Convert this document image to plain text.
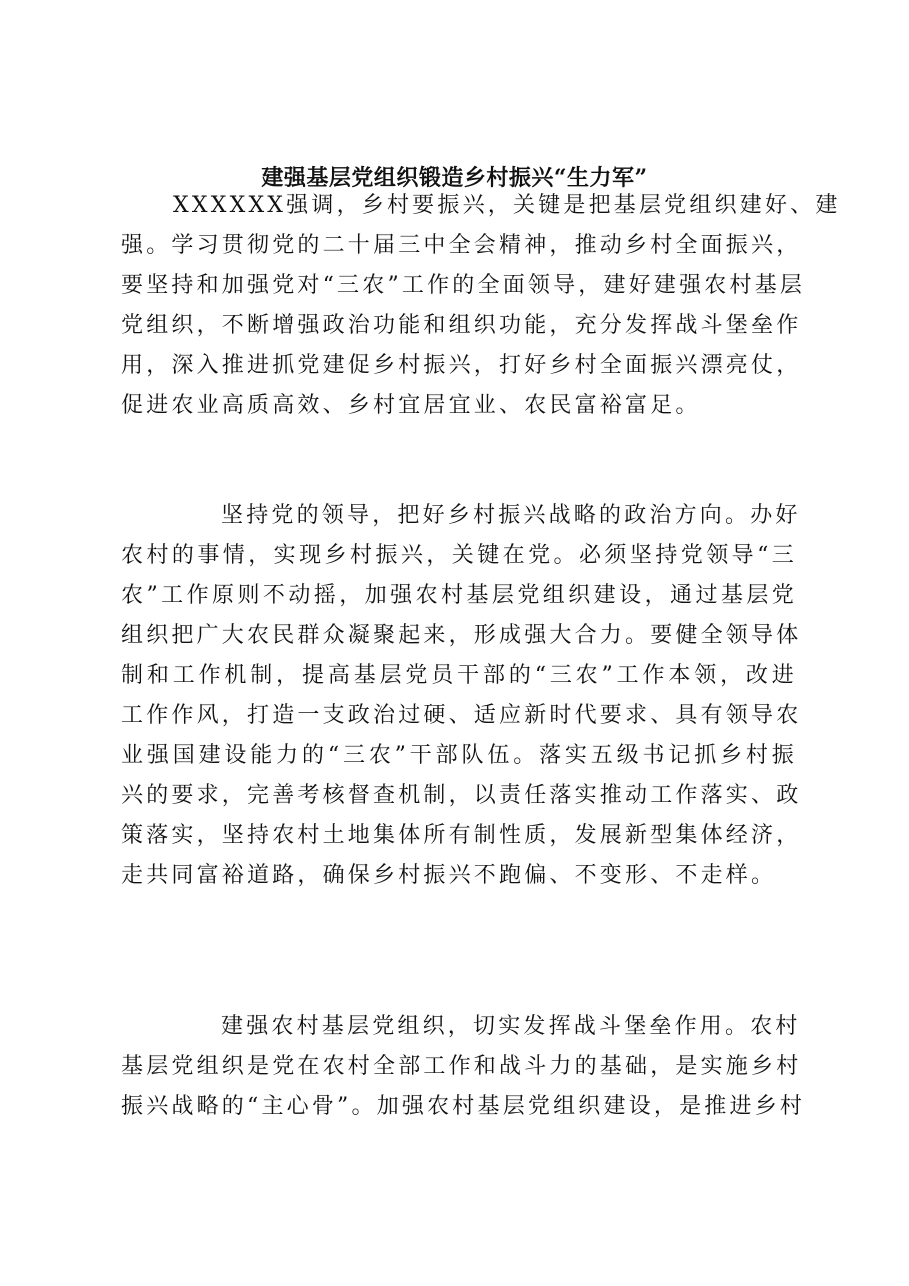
建强基层党组织锻造乡村振兴“生力军”
XXXXXX强调，乡村要振兴，关键是把基层党组织建好、建
强。学习贯彻党的二十届三中全会精神，推动乡村全面振兴，
要坚持和加强党对“三农”工作的全面领导，建好建强农村基层
党组织，不断增强政治功能和组织功能，充分发挥战斗堡垒作
用，深入推进抓党建促乡村振兴，打好乡村全面振兴漂亮仗，
促进农业高质高效、乡村宜居宜业、农民富裕富足。
坚持党的领导，把好乡村振兴战略的政治方向。办好
农村的事情，实现乡村振兴，关键在党。必须坚持党领导“三
农”工作原则不动摇，加强农村基层党组织建设，通过基层党
组织把广大农民群众凝聚起来，形成强大合力。要健全领导体
制和工作机制，提高基层党员干部的“三农”工作本领，改进
工作作风，打造一支政治过硬、适应新时代要求、具有领导农
业强国建设能力的“三农”干部队伍。落实五级书记抓乡村振
兴的要求，完善考核督查机制，以责任落实推动工作落实、政
策落实，坚持农村土地集体所有制性质，发展新型集体经济，
走共同富裕道路，确保乡村振兴不跑偏、不变形、不走样。
建强农村基层党组织，切实发挥战斗堡垒作用。农村
基层党组织是党在农村全部工作和战斗力的基础，是实施乡村
振兴战略的“主心骨”。加强农村基层党组织建设，是推进乡村
